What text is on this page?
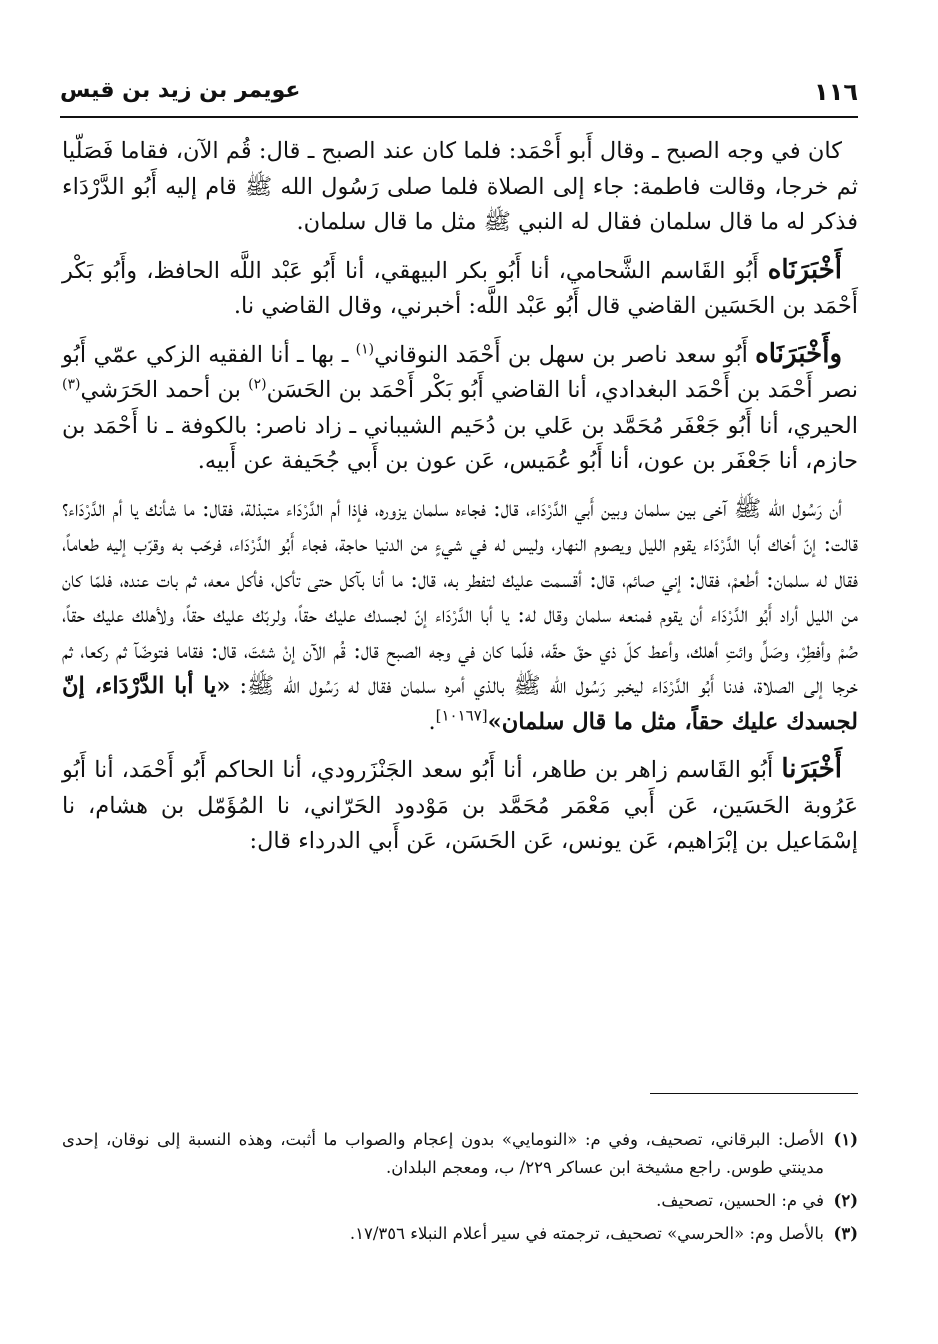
١١٦
عويمر بن زيد بن قيس

كان في وجه الصبح ـ وقال أَبو أَحْمَد: فلما كان عند الصبح ـ قال: قُم الآن، فقاما فَصَلّيا ثم خرجا، وقالت فاطمة: جاء إلى الصلاة فلما صلى رَسُول الله ﷺ قام إليه أَبُو الدَّرْدَاء فذكر له ما قال سلمان فقال له النبي ﷺ مثل ما قال سلمان.

أَخْبَرَنَاه أَبُو القَاسم الشَّحامي، أنا أَبُو بكر البيهقي، أنا أَبُو عَبْد اللَّه الحافظ، وأَبُو بَكْر أَحْمَد بن الحَسَين القاضي قال أَبُو عَبْد اللَّه: أخبرني، وقال القاضي نا.

وأَخْبَرَنَاه أَبُو سعد ناصر بن سهل بن أَحْمَد النوقاني$^{(١)}$ ـ بها ـ أنا الفقيه الزكي عمّي أَبُو نصر أَحْمَد بن أَحْمَد البغدادي، أنا القاضي أَبُو بَكْر أَحْمَد بن الحَسَن$^{(٢)}$ بن أحمد الحَرَشي$^{(٣)}$ الحيري، أنا أَبُو جَعْفَر مُحَمَّد بن عَلي بن دُحَيم الشيباني ـ زاد ناصر: بالكوفة ـ نا أَحْمَد بن حازم، أنا جَعْفَر بن عون، أنا أَبُو عُمَيس، عَن عون بن أَبي جُحَيفة عن أَبيه.

أن رَسُول الله ﷺ آخى بين سلمان وبين أَبي الدَّرْدَاء، قال: فجاءه سلمان يزوره، فإذا أم الدَّرْدَاء متبذلة، فقال: ما شأنك يا أم الدَّرْدَاء؟ قالت: إنّ أخاك أبا الدَّرْدَاء يقوم الليل ويصوم النهار، وليس له في شيءٍ من الدنيا حاجة، فجاء أَبُو الدَّرْدَاء، فرحّب به وقرّب إليه طعاماً، فقال له سلمان: أطعمْ، فقال: إني صائم، قال: أقسمت عليك لتفطر به، قال: ما أنا بآكل حتى تأكل، فأكل معه، ثم بات عنده، فلمّا كان من الليل أراد أَبُو الدَّرْدَاء أن يقوم فمنعه سلمان وقال له: يا أبا الدَّرْدَاء إنّ لجسدك عليك حقاً، ولربّك عليك حقاً، ولأهلك عليك حقاً، صُمْ وأفطِرْ، وصَلِّ وائتِ أهلك، وأعط كلّ ذي حقّ حقّه، فلّما كان في وجه الصبح قال: قُم الآن إنْ شئتَ، قال: فقاما فتوضّآ ثم ركعا، ثم خرجا إلى الصلاة، فدنا أَبُو الدَّرْدَاء ليخبر رَسُول الله ﷺ بالذي أمره سلمان فقال له رَسُول الله ﷺ: «يا أبا الدَّرْدَاء، إنّ لجسدك عليك حقاً، مثل ما قال سلمان»[١٠١٦٧].

أَخْبَرَنا أَبُو القَاسم زاهر بن طاهر، أنا أَبُو سعد الجَنْزَرودي، أنا الحاكم أَبُو أَحْمَد، أنا أَبُو عَرُوبة الحَسَين، عَن أَبي مَعْمَر مُحَمَّد بن مَوْدود الحَرّاني، نا المُؤَمّل بن هشام، نا إسْمَاعيل بن إبْرَاهيم، عَن يونس، عَن الحَسَن، عَن أَبي الدرداء قال:

(١)
الأصل: البرقاني، تصحيف، وفي م: «النومايي» بدون إعجام والصواب ما أثبت، وهذه النسبة إلى نوقان، إحدى مدينتي طوس. راجع مشيخة ابن عساكر ٢٢٩/ ب، ومعجم البلدان.
(٢)
في م: الحسين، تصحيف.
(٣)
بالأصل وم: «الحرسي» تصحيف، ترجمته في سير أعلام النبلاء ١٧/٣٥٦.
